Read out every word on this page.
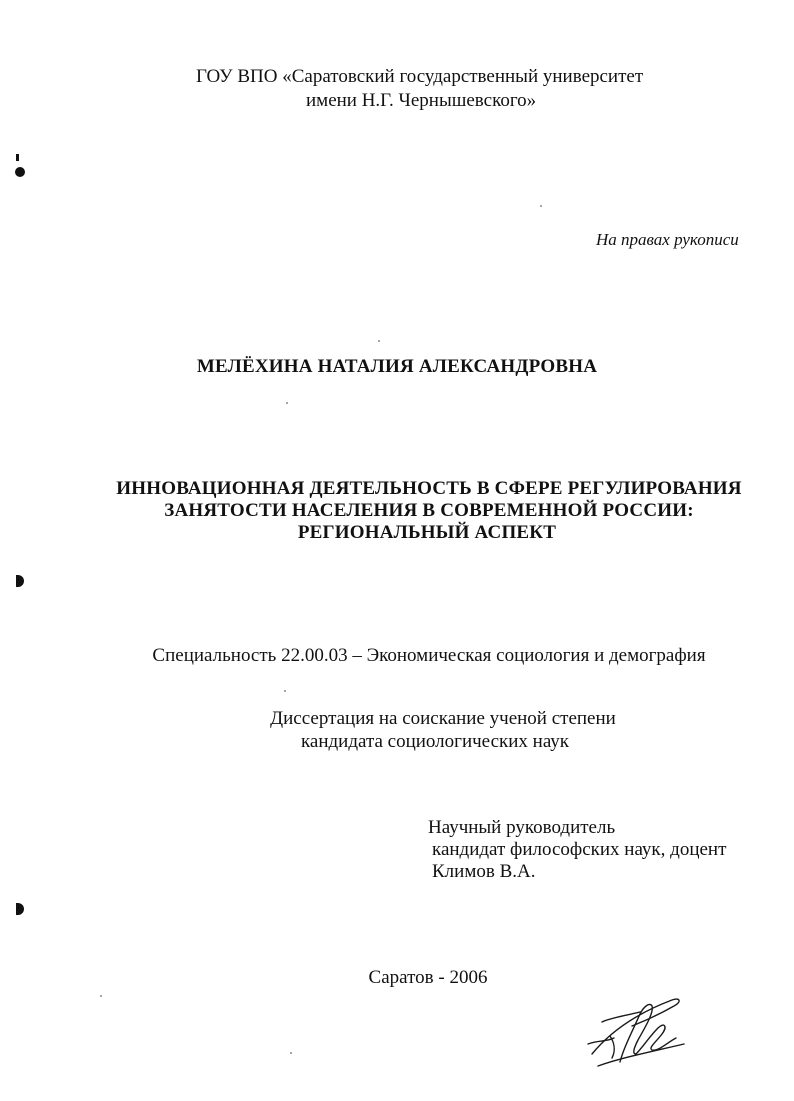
ГОУ ВПО «Саратовский государственный университет
имени Н.Г. Чернышевского»
На правах рукописи
МЕЛЁХИНА НАТАЛИЯ АЛЕКСАНДРОВНА
ИННОВАЦИОННАЯ ДЕЯТЕЛЬНОСТЬ В СФЕРЕ РЕГУЛИРОВАНИЯ
ЗАНЯТОСТИ НАСЕЛЕНИЯ В СОВРЕМЕННОЙ РОССИИ:
РЕГИОНАЛЬНЫЙ АСПЕКТ
Специальность 22.00.03 – Экономическая социология и демография
Диссертация на соискание ученой степени
кандидата социологических наук
Научный руководитель
кандидат философских наук, доцент
Климов В.А.
Саратов - 2006
